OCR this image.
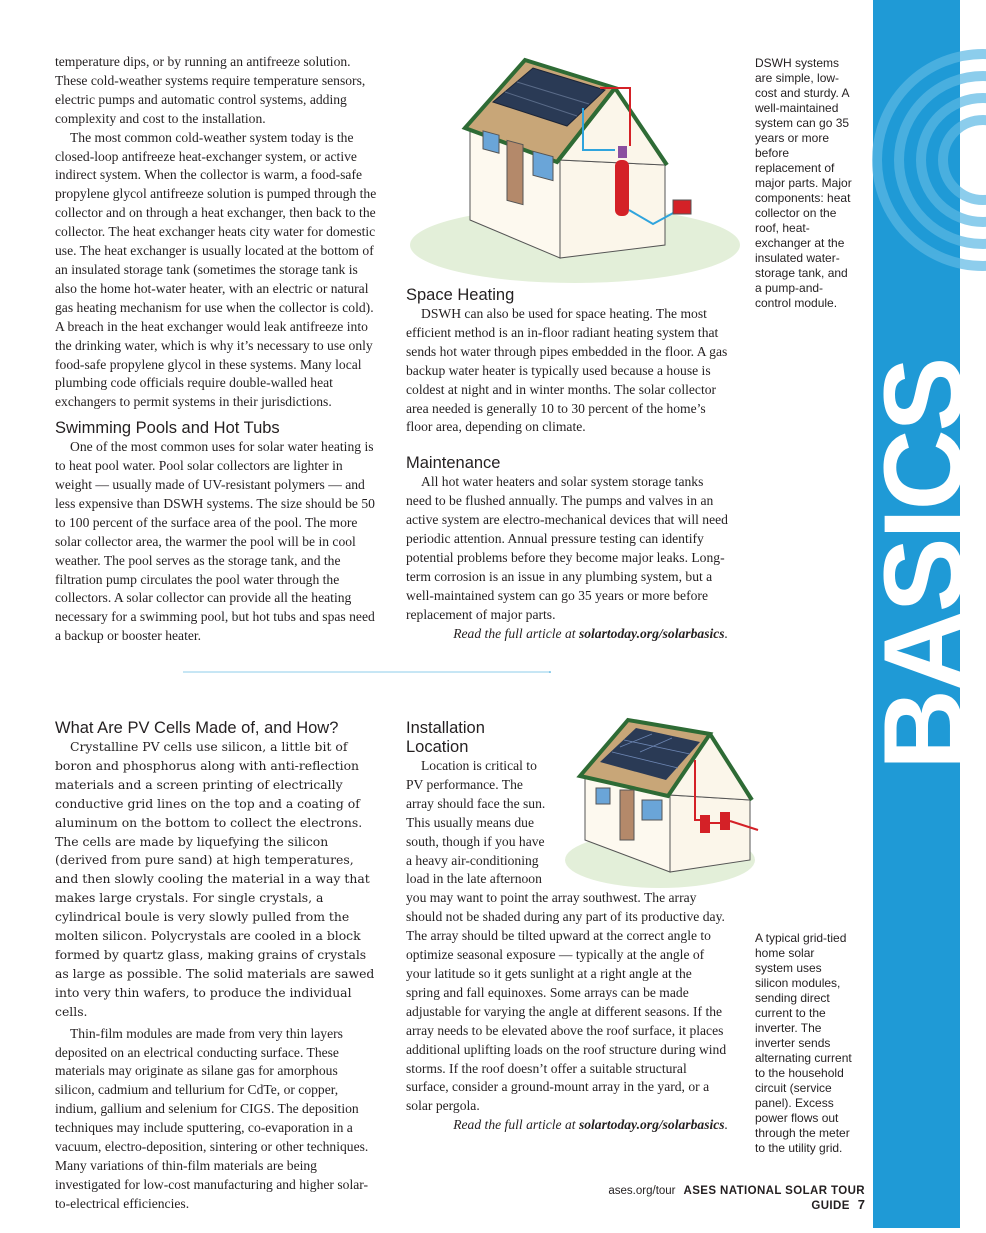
BASICS

temperature dips, or by running an antifreeze solution. These cold-weather systems require temperature sensors, electric pumps and automatic control systems, adding complexity and cost to the installation.

The most common cold-weather system today is the closed-loop antifreeze heat-exchanger system, or active indirect system. When the collector is warm, a food-safe propylene glycol antifreeze solution is pumped through the collector and on through a heat exchanger, then back to the collector. The heat exchanger heats city water for domestic use. The heat exchanger is usually located at the bottom of an insulated storage tank (sometimes the storage tank is also the home hot-water heater, with an electric or natural gas heating mechanism for use when the collector is cold). A breach in the heat exchanger would leak antifreeze into the drinking water, which is why it’s necessary to use only food-safe propylene glycol in these systems. Many local plumbing code officials require double-walled heat exchangers to permit systems in their jurisdictions.

Swimming Pools and Hot Tubs

One of the most common uses for solar water heating is to heat pool water. Pool solar collectors are lighter in weight — usually made of UV-resistant polymers — and less expensive than DSWH systems. The size should be 50 to 100 percent of the surface area of the pool. The more solar collector area, the warmer the pool will be in cool weather. The pool serves as the storage tank, and the filtration pump circulates the pool water through the collectors. A solar collector can provide all the heating necessary for a swimming pool, but hot tubs and spas need a backup or booster heater.

Space Heating

DSWH can also be used for space heating. The most efficient method is an in-floor radiant heating system that sends hot water through pipes embedded in the floor. A gas backup water heater is typically used because a house is coldest at night and in winter months. The solar collector area needed is generally 10 to 30 percent of the home’s floor area, depending on climate.

Maintenance

All hot water heaters and solar system storage tanks need to be flushed annually. The pumps and valves in an active system are electro-mechanical devices that will need periodic attention. Annual pressure testing can identify potential problems before they become major leaks. Long-term corrosion is an issue in any plumbing system, but a well-maintained system can go 35 years or more before replacement of major parts.

Read the full article at solartoday.org/solarbasics.

DSWH systems are simple, low-cost and sturdy. A well-maintained system can go 35 years or more before replacement of major parts. Major components: heat collector on the roof, heat-exchanger at the insulated water-storage tank, and a pump-and-control module.

What Are PV Cells Made of, and How?

Crystalline PV cells use silicon, a little bit of boron and phosphorus along with anti-reflection materials and a screen printing of electrically conductive grid lines on the top and a coating of aluminum on the bottom to collect the electrons. The cells are made by liquefying the silicon (derived from pure sand) at high temperatures, and then slowly cooling the material in a way that makes large crystals. For single crystals, a cylindrical boule is very slowly pulled from the molten silicon. Polycrystals are cooled in a block formed by quartz glass, making grains of crystals as large as possible. The solid materials are sawed into very thin wafers, to produce the individual cells.

Thin-film modules are made from very thin layers deposited on an electrical conducting surface. These materials may originate as silane gas for amorphous silicon, cadmium and tellurium for CdTe, or copper, indium, gallium and selenium for CIGS. The deposition techniques may include sputtering, co-evaporation in a vacuum, electro-deposition, sintering or other techniques. Many variations of thin-film materials are being investigated for low-cost manufacturing and higher solar-to-electrical efficiencies.

Installation Location

Location is critical to PV performance. The array should face the sun. This usually means due south, though if you have a heavy air-conditioning load in the late afternoon you may want to point the array southwest. The array should not be shaded during any part of its productive day. The array should be tilted upward at the correct angle to optimize seasonal exposure — typically at the angle of your latitude so it gets sunlight at a right angle at the spring and fall equinoxes. Some arrays can be made adjustable for varying the angle at different seasons. If the array needs to be elevated above the roof surface, it places additional uplifting loads on the roof structure during wind storms. If the roof doesn’t offer a suitable structural surface, consider a ground-mount array in the yard, or a solar pergola.

Read the full article at solartoday.org/solarbasics.

A typical grid-tied home solar system uses silicon modules, sending direct current to the inverter. The inverter sends alternating current to the household circuit (service panel). Excess power flows out through the meter to the utility grid.

ases.org/tour ASES NATIONAL SOLAR TOUR GUIDE 7
